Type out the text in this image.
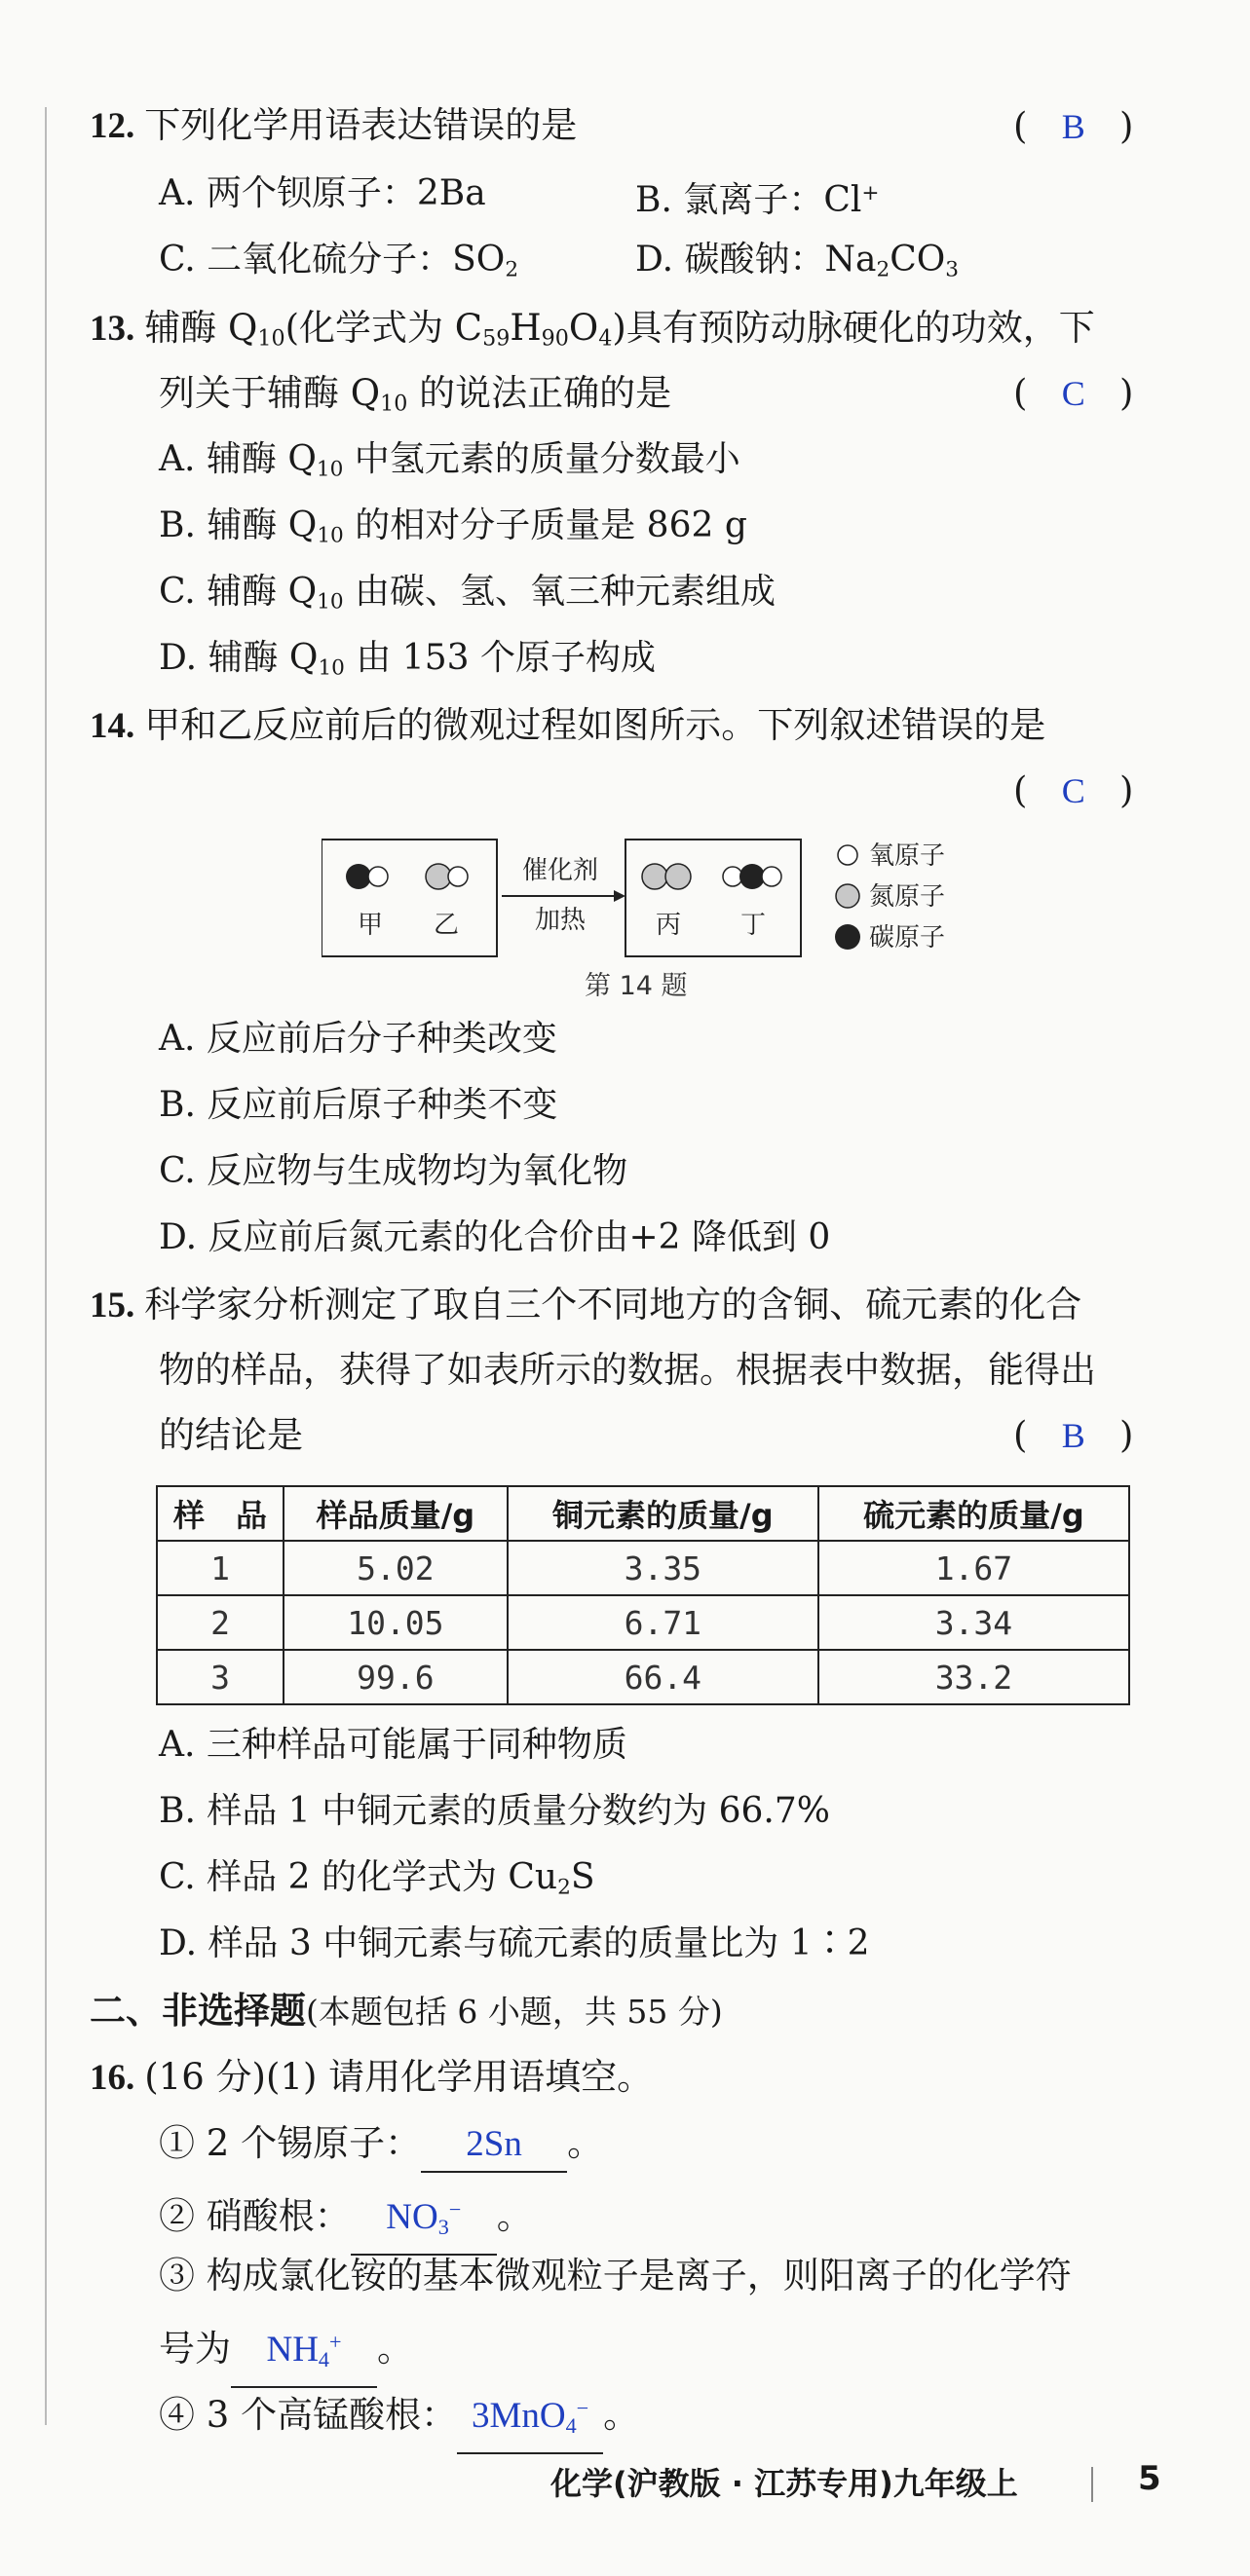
12. 下列化学用语表达错误的是	(   B   )
A. 两个钡原子：2Ba	B. 氯离子：Cl+
C. 二氧化硫分子：$SO_2$	D. 碳酸钠：$Na_2CO_3$
13. 辅酶 $Q_{10}$(化学式为 $C_{59}H_{90}O_4$)具有预防动脉硬化的功效，下
列关于辅酶 $Q_{10}$ 的说法正确的是	(   C   )
A. 辅酶 $Q_{10}$ 中氢元素的质量分数最小
B. 辅酶 $Q_{10}$ 的相对分子质量是 862 g
C. 辅酶 $Q_{10}$ 由碳、氢、氧三种元素组成
D. 辅酶 $Q_{10}$ 由 153 个原子构成
14. 甲和乙反应前后的微观过程如图所示。下列叙述错误的是
(   C   )
甲 乙
催化剂
加热	丙 丁
氧原子
氮原子
碳原子
第 14 题
A. 反应前后分子种类改变
B. 反应前后原子种类不变
C. 反应物与生成物均为氧化物
D. 反应前后氮元素的化合价由+2 降低到 0
15. 科学家分析测定了取自三个不同地方的含铜、硫元素的化合
物的样品，获得了如表所示的数据。根据表中数据，能得出
的结论是	(   B   )
样　品	样品质量/g	铜元素的质量/g	硫元素的质量/g
1	5.02	3.35	1.67
2	10.05	6.71	3.34
3	99.6	66.4	33.2
A. 三种样品可能属于同种物质
B. 样品 1 中铜元素的质量分数约为 66.7%
C. 样品 2 的化学式为 $Cu_2S$
D. 样品 3 中铜元素与硫元素的质量比为 1∶2
二、非选择题(本题包括 6 小题，共 55 分)
16. (16 分)(1) 请用化学用语填空。
① 2 个锡原子： 2Sn 。
② 硝酸根： $NO_3^-$ 。
③ 构成氯化铵的基本微观粒子是离子，则阳离子的化学符
号为 $NH_4^+$ 。
④ 3 个高锰酸根： 3MnO$_4$− 。
化学(沪教版 · 江苏专用)九年级上	5
